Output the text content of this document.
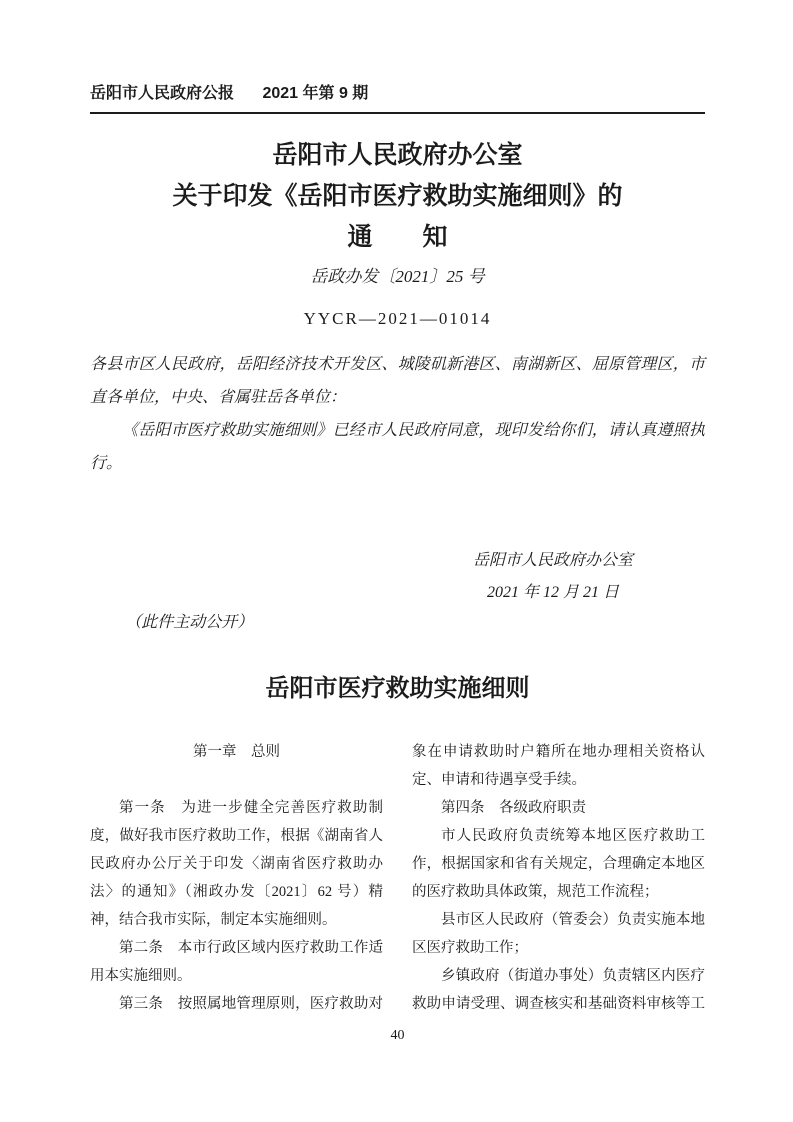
岳阳市人民政府公报 2021 年第 9 期
岳阳市人民政府办公室
关于印发《岳阳市医疗救助实施细则》的
通　　知
岳政办发〔2021〕25 号
YYCR—2021—01014

各县市区人民政府，岳阳经济技术开发区、城陵矶新港区、南湖新区、屈原管理区，市直各单位，中央、省属驻岳各单位：

《岳阳市医疗救助实施细则》已经市人民政府同意，现印发给你们，请认真遵照执行。

岳阳市人民政府办公室
2021 年 12 月 21 日
（此件主动公开）
岳阳市医疗救助实施细则
第一章　总则

第一条　为进一步健全完善医疗救助制度，做好我市医疗救助工作，根据《湖南省人民政府办公厅关于印发〈湖南省医疗救助办法〉的通知》（湘政办发〔2021〕62 号）精神，结合我市实际，制定本实施细则。

第二条　本市行政区域内医疗救助工作适用本实施细则。

第三条　按照属地管理原则，医疗救助对

象在申请救助时户籍所在地办理相关资格认定、申请和待遇享受手续。

第四条　各级政府职责

市人民政府负责统筹本地区医疗救助工作，根据国家和省有关规定，合理确定本地区的医疗救助具体政策，规范工作流程；

县市区人民政府（管委会）负责实施本地区医疗救助工作；

乡镇政府（街道办事处）负责辖区内医疗救助申请受理、调查核实和基础资料审核等工

40
